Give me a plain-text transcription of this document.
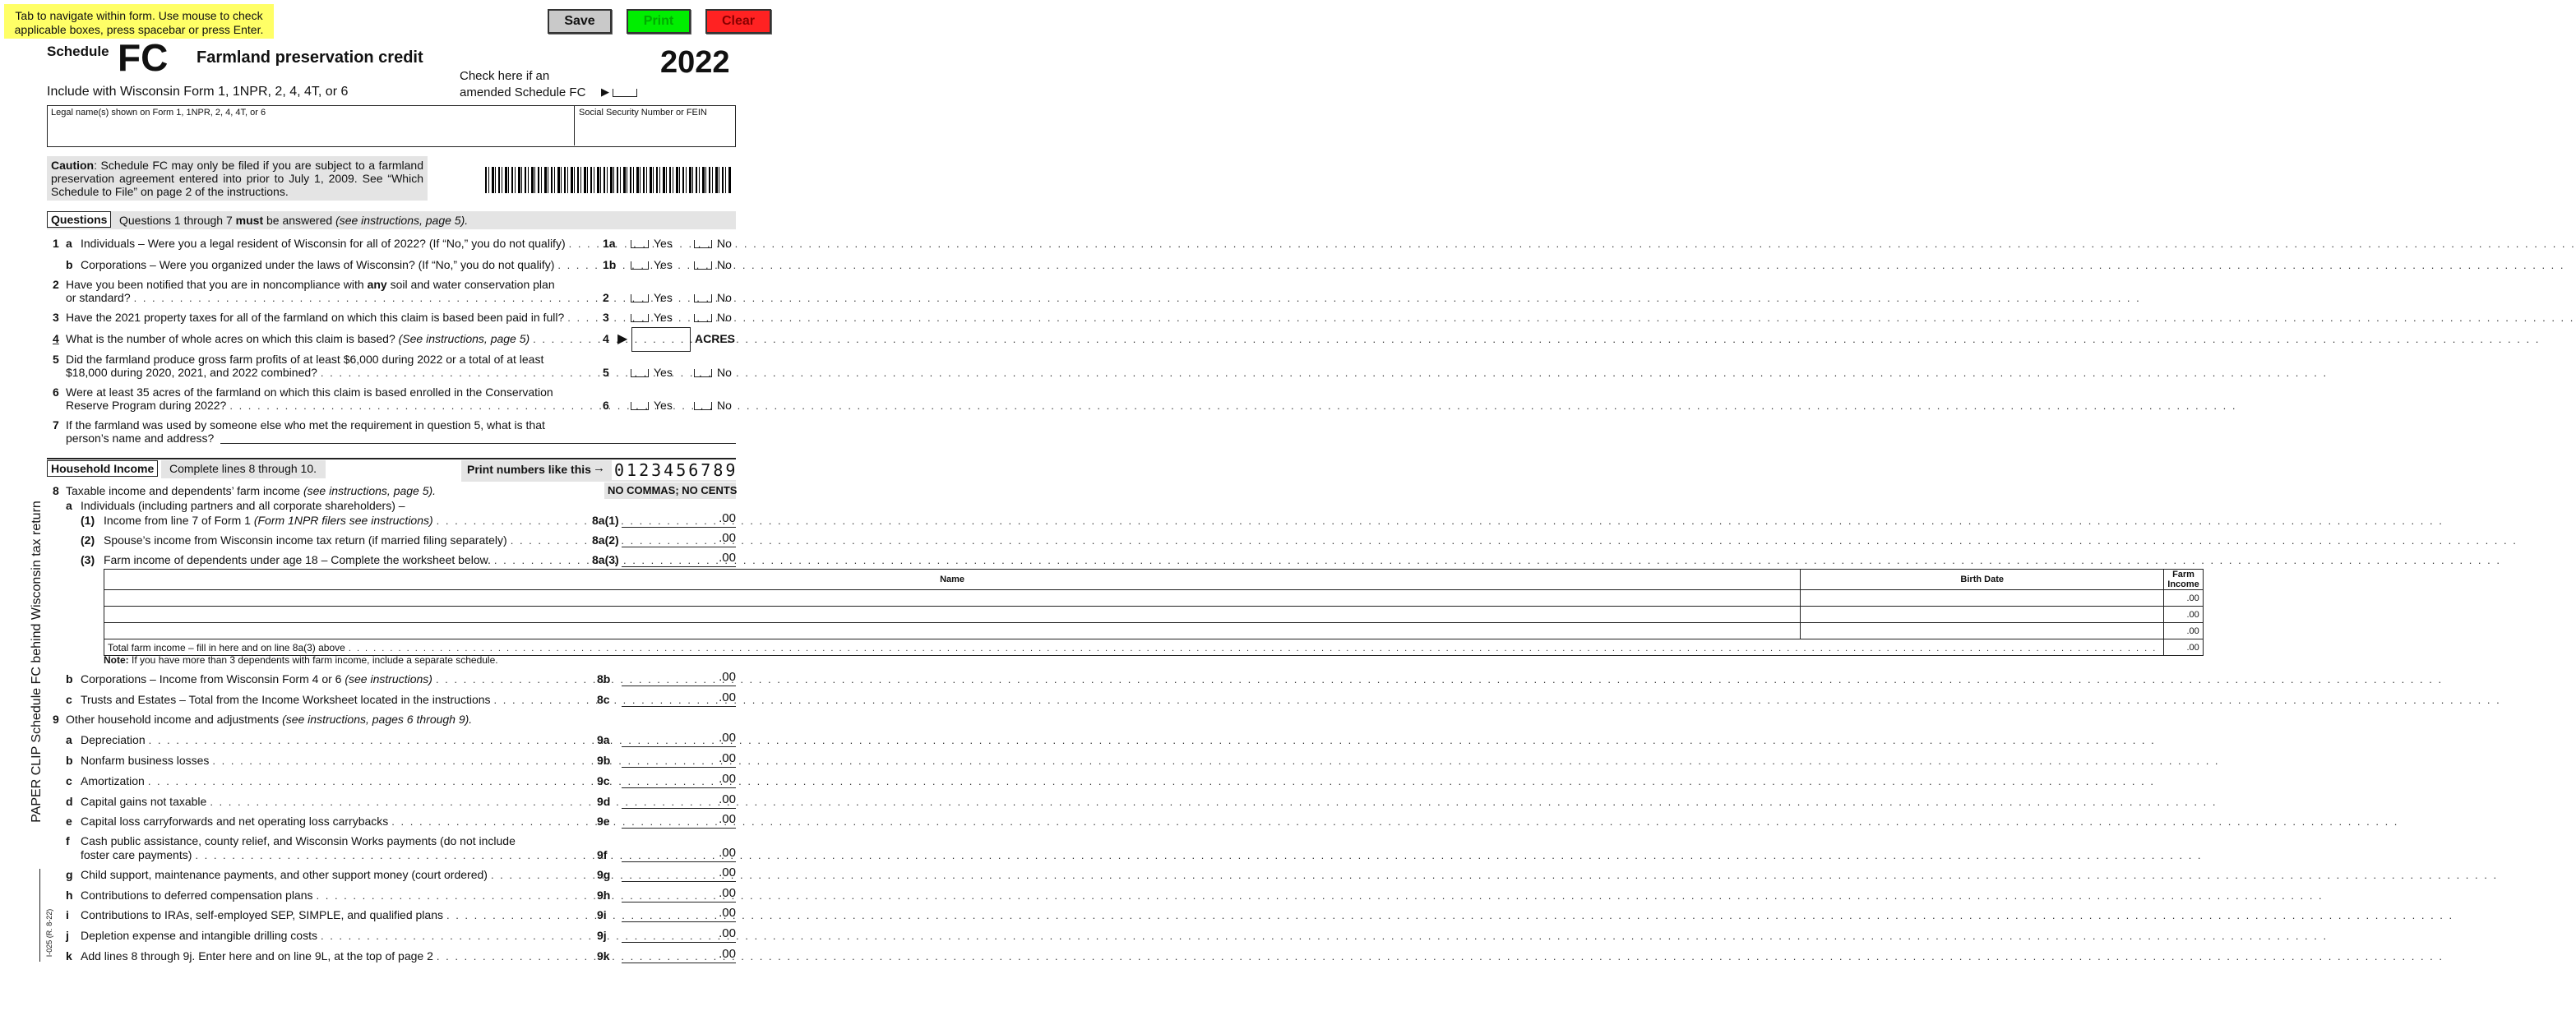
Tab to navigate within form. Use mouse to check applicable boxes, press spacebar or press Enter.
Save	Print	Clear
Schedule FC Farmland preservation credit
Include with Wisconsin Form 1, 1NPR, 2, 4, 4T, or 6
Check here if an
amended Schedule FC ▶
2022
Legal name(s) shown on Form 1, 1NPR, 2, 4, 4T, or 6	Social Security Number or FEIN
Caution: Schedule FC may only be filed if you are subject to a farmland preservation agreement entered into prior to July 1, 2009. See “Which Schedule to File” on page 2 of the instructions.
Questions	Questions 1 through 7 must be answered (see instructions, page 5).
1 a Individuals – Were you a legal resident of Wisconsin for all of 2022? (If “No,” you do not qualify) . . .	1a	Yes	No
b Corporations – Were you organized under the laws of Wisconsin? (If “No,” you do not qualify) . . .	1b	Yes	No
2 Have you been notified that you are in noncompliance with any soil and water conservation plan
or standard? . . .	2	Yes	No
3 Have the 2021 property taxes for all of the farmland on which this claim is based been paid in full? . . .	3	Yes	No
4 What is the number of whole acres on which this claim is based?
(See instructions, page 5) . . .	4 ▶	ACRES
5 Did the farmland produce gross farm profits of at least $6,000 during 2022 or a total of at least
$18,000 during 2020, 2021, and 2022 combined? . . .	5	Yes	No
6 Were at least 35 acres of the farmland on which this claim is based enrolled in the Conservation
Reserve Program during 2022? . . .	6	Yes	No
7 If the farmland was used by someone else who met the requirement in question 5, what is that
person’s name and address?
Household Income	Complete lines 8 through 10.	Print numbers like this → 0123456789
8 Taxable income and dependents’ farm income (see instructions, page 5).	NO COMMAS; NO CENTS
a Individuals (including partners and all corporate shareholders) –
(1) Income from line 7 of Form 1
(Form 1NPR filers see instructions) . . .	8a(1)	.00
(2) Spouse’s income from Wisconsin income tax return (if married filing separately) . . .	8a(2)	.00
(3) Farm income of dependents under age 18 – Complete the worksheet below. . . .	8a(3)	.00
Name	Birth Date	Farm Income
		.00
		.00
		.00

Total farm income – fill in here and on line 8a(3) above
. . .		.00
Note: If you have more than 3 dependents with farm income, include a separate schedule.
b Corporations – Income from Wisconsin Form 4 or 6
(see instructions) . . .	8b	.00
c Trusts and Estates – Total from the Income Worksheet located in the instructions . . .	8c	.00
9 Other household income and adjustments (see instructions, pages 6 through 9).
a Depreciation . . .	9a	.00
b Nonfarm business losses . . .	9b	.00
c Amortization . . .	9c	.00
d Capital gains not taxable . . .	9d	.00
e Capital loss carryforwards and net operating loss carrybacks . . .	9e	.00
f Cash public assistance, county relief, and Wisconsin Works payments (do not include
foster care payments) . . .	9f	.00
g Child support, maintenance payments, and other support money (court ordered) . . .	9g	.00
h Contributions to deferred compensation plans . . .	9h	.00
i Contributions to IRAs, self-employed SEP, SIMPLE, and qualified plans . . .	9i	.00
j Depletion expense and intangible drilling costs . . .	9j	.00
k Add lines 8 through 9j. Enter here and on line 9L, at the top of page 2 . . .	9k	.00
PAPER CLIP Schedule FC behind Wisconsin tax return
I-025 (R. 8-22)
